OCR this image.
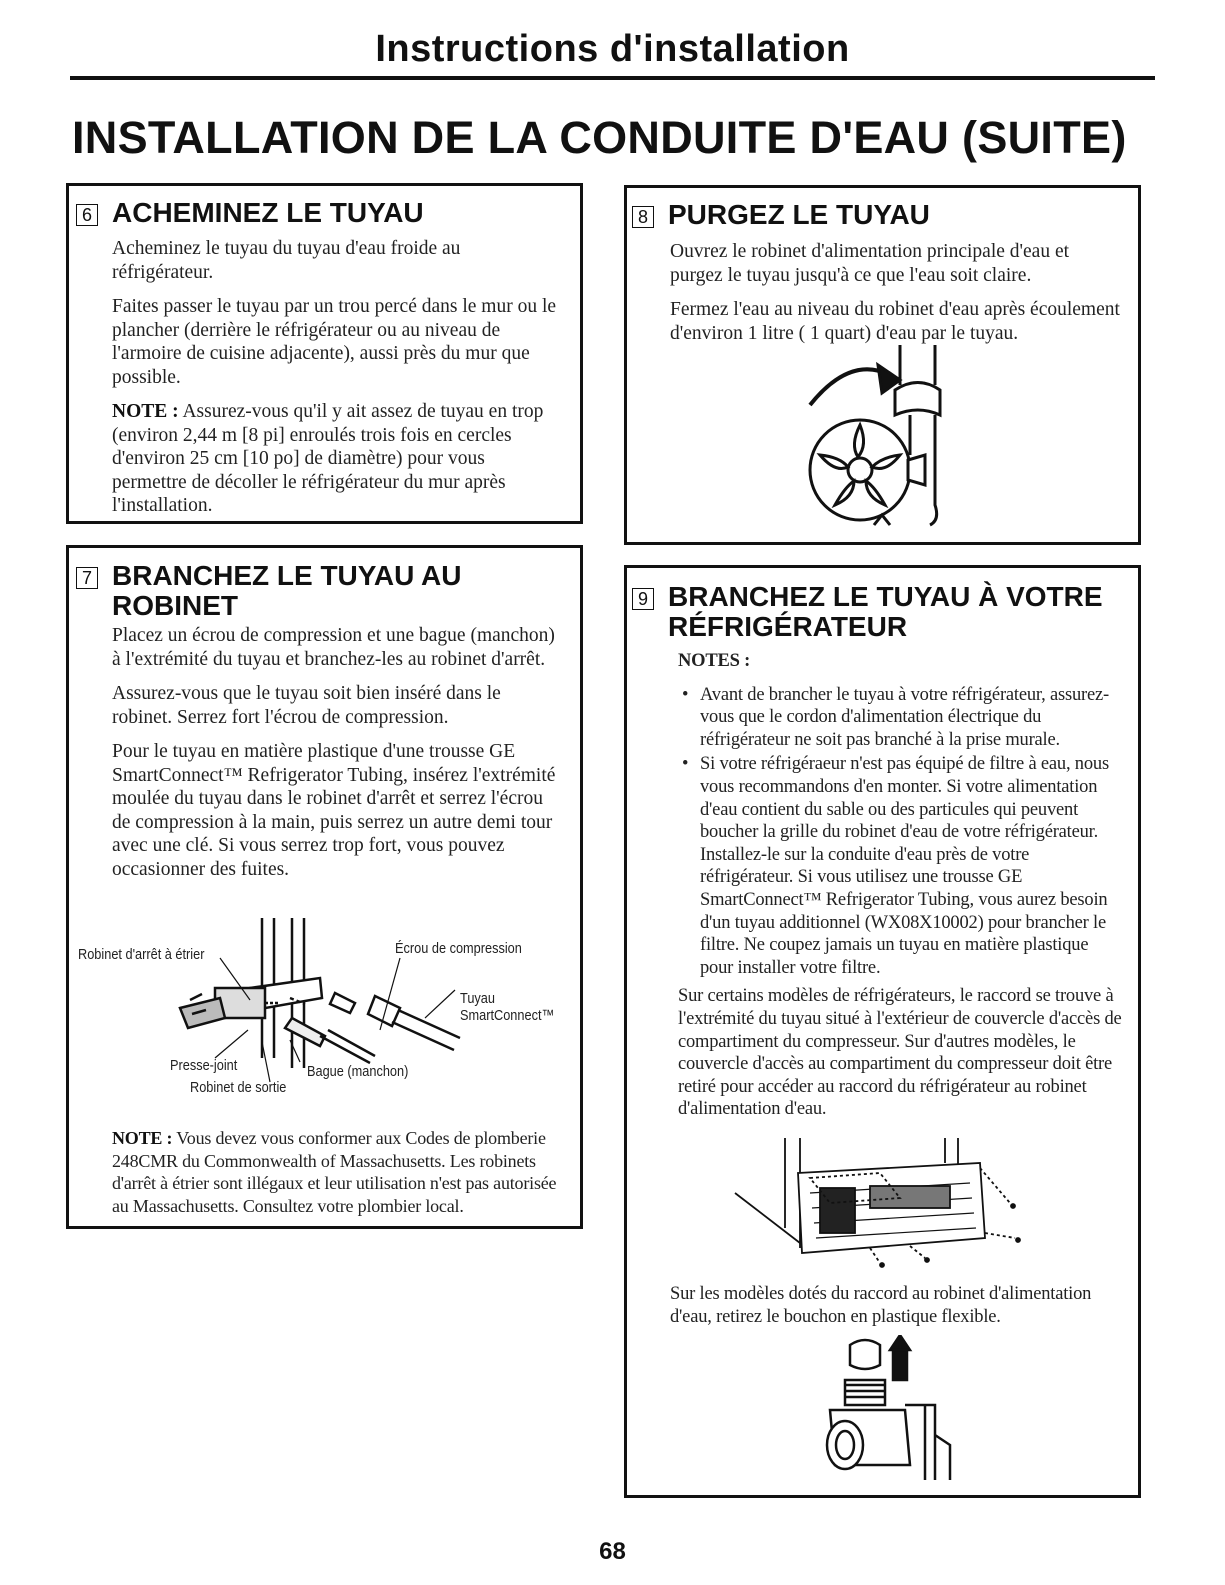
Instructions d'installation
INSTALLATION DE LA CONDUITE D'EAU (SUITE)
6 ACHEMINEZ LE TUYAU

Acheminez le tuyau du tuyau d'eau froide au réfrigérateur.

Faites passer le tuyau par un trou percé dans le mur ou le plancher (derrière le réfrigérateur ou au niveau de l'armoire de cuisine adjacente), aussi près du mur que possible.

NOTE : Assurez-vous qu'il y ait assez de tuyau en trop (environ 2,44 m [8 pi] enroulés trois fois en cercles d'environ 25 cm [10 po] de diamètre) pour vous permettre de décoller le réfrigérateur du mur après l'installation.

7 BRANCHEZ LE TUYAU AU
ROBINET

Placez un écrou de compression et une bague (manchon) à l'extrémité du tuyau et branchez-les au robinet d'arrêt.

Assurez-vous que le tuyau soit bien inséré dans le robinet. Serrez fort l'écrou de compression.

Pour le tuyau en matière plastique d'une trousse GE SmartConnect™ Refrigerator Tubing, insérez l'extrémité moulée du tuyau dans le robinet d'arrêt et serrez l'écrou de compression à la main, puis serrez un autre demi tour avec une clé. Si vous serrez trop fort, vous pouvez occasionner des fuites.

Robinet d'arrêt à étrier	Écrou de compression
Tuyau
SmartConnect™
Presse-joint	Bague (manchon)
Robinet de sortie

NOTE : Vous devez vous conformer aux Codes de plomberie 248CMR du Commonwealth of Massachusetts. Les robinets d'arrêt à étrier sont illégaux et leur utilisation n'est pas autorisée au Massachusetts. Consultez votre plombier local.

8 PURGEZ LE TUYAU

Ouvrez le robinet d'alimentation principale d'eau et purgez le tuyau jusqu'à ce que l'eau soit claire.

Fermez l'eau au niveau du robinet d'eau après écoulement d'environ 1 litre ( 1 quart) d'eau par le tuyau.

9 BRANCHEZ LE TUYAU À VOTRE
RÉFRIGÉRATEUR

NOTES :

• Avant de brancher le tuyau à votre réfrigérateur, assurez-vous que le cordon d'alimentation électrique du réfrigérateur ne soit pas branché à la prise murale.
• Si votre réfrigéraeur n'est pas équipé de filtre à eau, nous vous recommandons d'en monter. Si votre alimentation d'eau contient du sable ou des particules qui peuvent boucher la grille du robinet d'eau de votre réfrigérateur. Installez-le sur la conduite d'eau près de votre réfrigérateur. Si vous utilisez une trousse GE SmartConnect™ Refrigerator Tubing, vous aurez besoin d'un tuyau additionnel (WX08X10002) pour brancher le filtre. Ne coupez jamais un tuyau en matière plastique pour installer votre filtre.

Sur certains modèles de réfrigérateurs, le raccord se trouve à l'extrémité du tuyau situé à l'extérieur de couvercle d'accès de compartiment du compresseur. Sur d'autres modèles, le couvercle d'accès au compartiment du compresseur doit être retiré pour accéder au raccord du réfrigérateur au robinet d'alimentation d'eau.

Sur les modèles dotés du raccord au robinet d'alimentation d'eau, retirez le bouchon en plastique flexible.

68
